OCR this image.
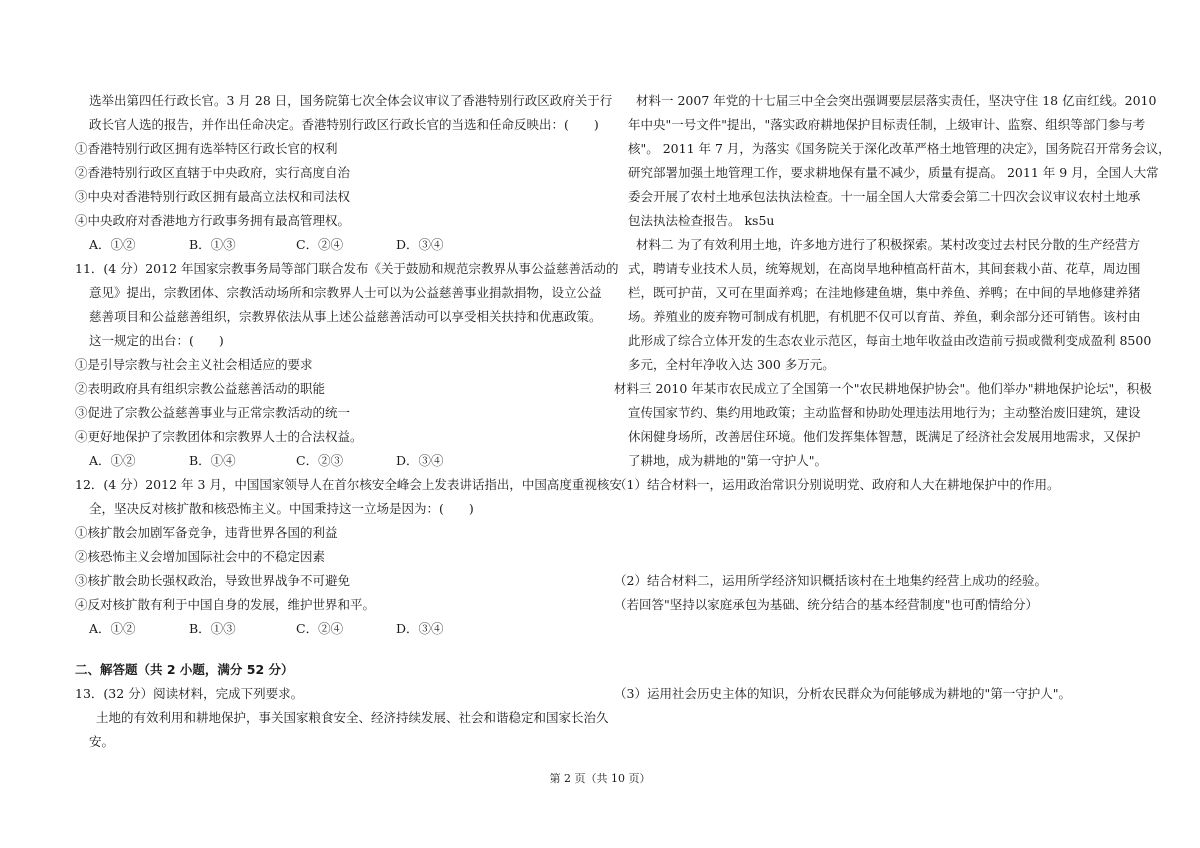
选举出第四任行政长官。3 月 28 日，国务院第七次全体会议审议了香港特别行政区政府关于行
政长官人选的报告，并作出任命决定。香港特别行政区行政长官的当选和任命反映出：(　　)
①香港特别行政区拥有选举特区行政长官的权利
②香港特别行政区直辖于中央政府，实行高度自治
③中央对香港特别行政区拥有最高立法权和司法权
④中央政府对香港地方行政事务拥有最高管理权。
A．①②	B．①③	C．②④	D．③④
11．(4 分）2012 年国家宗教事务局等部门联合发布《关于鼓励和规范宗教界从事公益慈善活动的
意见》提出，宗教团体、宗教活动场所和宗教界人士可以为公益慈善事业捐款捐物，设立公益
慈善项目和公益慈善组织，宗教界依法从事上述公益慈善活动可以享受相关扶持和优惠政策。
这一规定的出台：(　　)
①是引导宗教与社会主义社会相适应的要求
②表明政府具有组织宗教公益慈善活动的职能
③促进了宗教公益慈善事业与正常宗教活动的统一
④更好地保护了宗教团体和宗教界人士的合法权益。
A．①②	B．①④	C．②③	D．③④
12．(4 分）2012 年 3 月，中国国家领导人在首尔核安全峰会上发表讲话指出，中国高度重视核安
全，坚决反对核扩散和核恐怖主义。中国秉持这一立场是因为：(　　)
①核扩散会加剧军备竞争，违背世界各国的利益
②核恐怖主义会增加国际社会中的不稳定因素
③核扩散会助长强权政治，导致世界战争不可避免
④反对核扩散有利于中国自身的发展，维护世界和平。
A．①②	B．①③	C．②④	D．③④
二、解答题（共 2 小题，满分 52 分）
13．(32 分）阅读材料，完成下列要求。
土地的有效利用和耕地保护，事关国家粮食安全、经济持续发展、社会和谐稳定和国家长治久
安。
材料一 2007 年党的十七届三中全会突出强调要层层落实责任，坚决守住 18 亿亩红线。2010
年中央"一号文件"提出，"落实政府耕地保护目标责任制，上级审计、监察、组织等部门参与考
核"。 2011 年 7 月，为落实《国务院关于深化改革严格土地管理的决定》，国务院召开常务会议，
研究部署加强土地管理工作，要求耕地保有量不减少，质量有提高。 2011 年 9 月，全国人大常
委会开展了农村土地承包法执法检查。十一届全国人大常委会第二十四次会议审议农村土地承
包法执法检查报告。 ks5u
材料二 为了有效利用土地，许多地方进行了积极探索。某村改变过去村民分散的生产经营方
式，聘请专业技术人员，统筹规划，在高岗旱地种植高杆苗木，其间套栽小苗、花草，周边围
栏，既可护苗，又可在里面养鸡；在洼地修建鱼塘，集中养鱼、养鸭；在中间的旱地修建养猪
场。养殖业的废弃物可制成有机肥，有机肥不仅可以育苗、养鱼，剩余部分还可销售。该村由
此形成了综合立体开发的生态农业示范区，每亩土地年收益由改造前亏损或微利变成盈利 8500
多元，全村年净收入达 300 多万元。
材料三 2010 年某市农民成立了全国第一个"农民耕地保护协会"。他们举办"耕地保护论坛"，积极
宣传国家节约、集约用地政策；主动监督和协助处理违法用地行为；主动整治废旧建筑，建设
休闲健身场所，改善居住环境。他们发挥集体智慧，既满足了经济社会发展用地需求，又保护
了耕地，成为耕地的"第一守护人"。
（1）结合材料一，运用政治常识分别说明党、政府和人大在耕地保护中的作用。
（2）结合材料二，运用所学经济知识概括该村在土地集约经营上成功的经验。
（若回答"坚持以家庭承包为基础、统分结合的基本经营制度"也可酌情给分）
（3）运用社会历史主体的知识，分析农民群众为何能够成为耕地的"第一守护人"。
第 2 页（共 10 页）
